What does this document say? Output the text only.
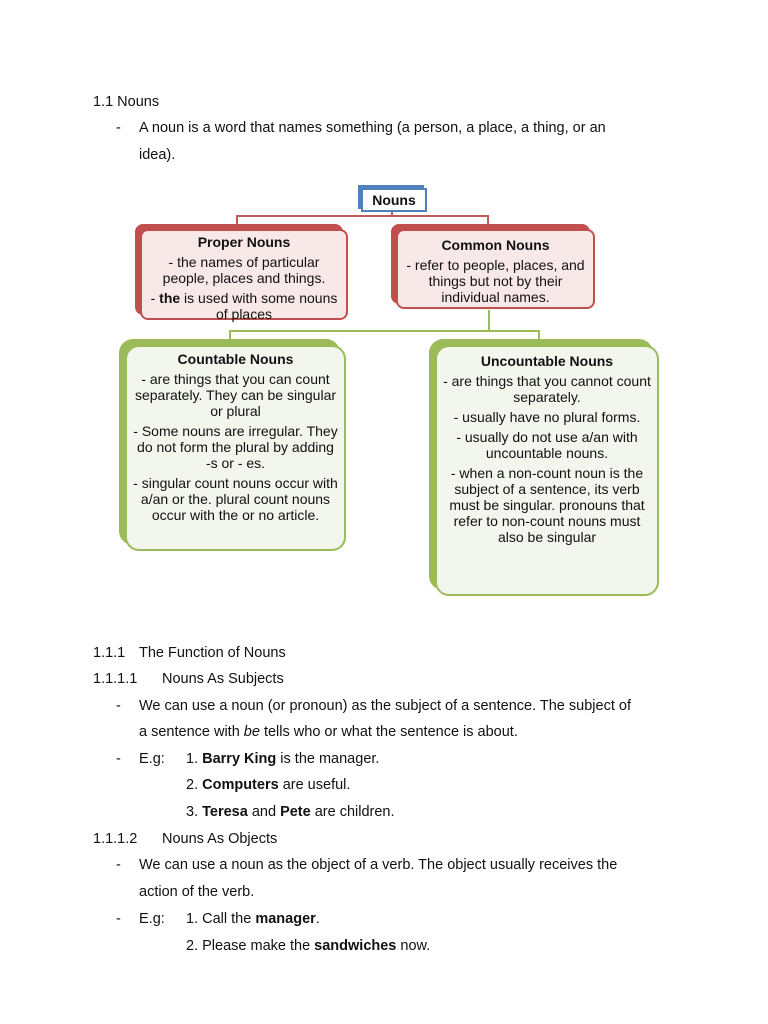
1.1 Nouns
- A noun is a word that names something (a person, a place, a thing, or an
idea).
Nouns
Proper Nouns
- the names of particular people, places and things.
- the is used with some nouns of places
Common Nouns
- refer to people, places, and things but not by their individual names.
Countable Nouns
- are things that you can count separately. They can be singular or plural
- Some nouns are irregular. They do not form the plural by adding -s or - es.
- singular count nouns occur with a/an or the. plural count nouns occur with the or no article.
Uncountable Nouns
- are things that you cannot count separately.
- usually have no plural forms.
- usually do not use a/an with uncountable nouns.
- when a non-count noun is the subject of a sentence, its verb must be singular. pronouns that refer to non-count nouns must also be singular
1.1.1 The Function of Nouns
1.1.1.1 Nouns As Subjects
- We can use a noun (or pronoun) as the subject of a sentence. The subject of
a sentence with be tells who or what the sentence is about.
- E.g: 1. Barry King is the manager.
2. Computers are useful.
3. Teresa and Pete are children.
1.1.1.2 Nouns As Objects
- We can use a noun as the object of a verb. The object usually receives the
action of the verb.
- E.g: 1. Call the manager.
2. Please make the sandwiches now.
